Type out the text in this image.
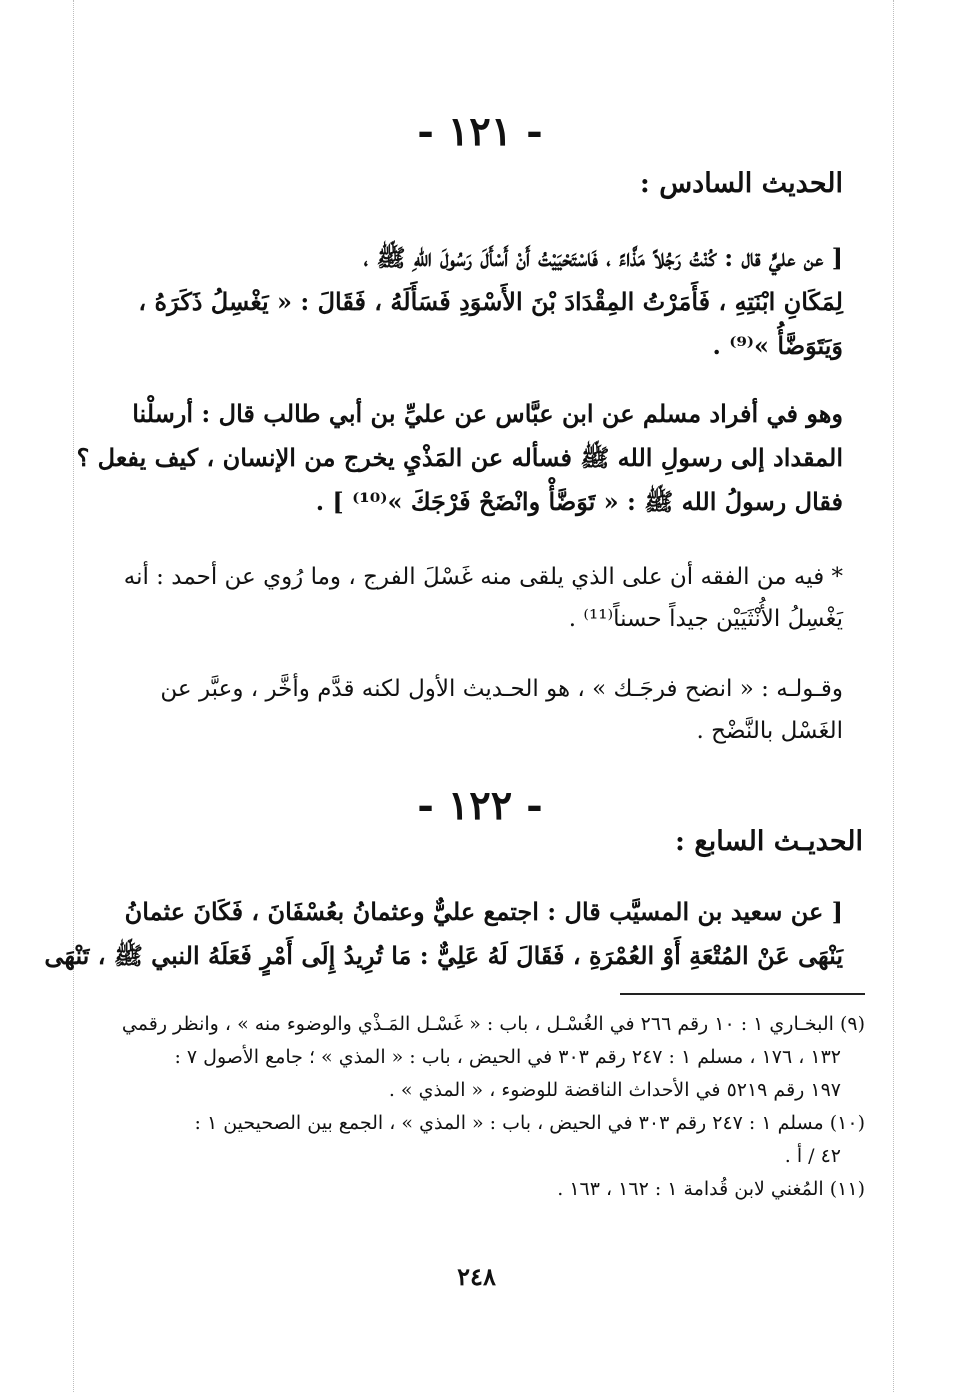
- ١٢١ -
الحديث السادس :
[ عن عليٍّ قال : كُنْتُ رَجُلاً مَذَّاءً ، فَاسْتَحْيَيْتُ أَنْ أَسْأَلَ رَسُولَ اللهِ ﷺ ،
لِمَكَانِ ابْنَتِهِ ، فَأَمَرْتُ المِقْدَادَ بْنَ الأَسْوَدِ فَسَأَلَهُ ، فَقَالَ : « يَغْسِلُ ذَكَرَهُ ،
وَيَتَوَضَّأُ »⁽⁹⁾ .
وهو في أفراد مسلم عن ابن عبَّاس عن عليِّ بن أبي طالب قال : أرسلْنا
المقداد إلى رسولِ الله ﷺ فسأله عن المَذْيِ يخرج من الإنسان ، كيف يفعل ؟
فقال رسولُ الله ﷺ : « تَوَضَّأْ وانْضَحْ فَرْجَكَ »⁽¹⁰⁾ ] .
* فيه من الفقه أن على الذي يلقى منه غَسْلَ الفرج ، وما رُوي عن أحمد : أنه
يَغْسِلُ الأُنْثَيَيْن جيداً حسناً⁽¹¹⁾ .
وقـولـه : « انضح فرجَـك » ، هو الحـديث الأول لكنه قدَّم وأخَّر ، وعبَّر عن
الغَسْل بالنَّضْح .
- ١٢٢ -
الحديـث السابع :
[ عن سعيد بن المسيَّب قال : اجتمع عليٌّ وعثمانُ بعُسْفَانَ ، فَكَانَ عثمانُ
يَنْهَى عَنْ المُتْعَةِ أَوْ العُمْرَةِ ، فَقَالَ لَهُ عَلِيٌّ : مَا تُرِيدُ إِلَى أَمْرٍ فَعَلَهُ النبي ﷺ ، تَنْهَى
(٩) البخـاري ١ : ١٠ رقم ٢٦٦ في الغُسْـل ، باب : « غَسْـل المَـذْي والوضوء منه » ، وانظر رقمي
١٣٢ ، ١٧٦ ، مسلم ١ : ٢٤٧ رقم ٣٠٣ في الحيض ، باب : « المذي » ؛ جامع الأصول ٧ :
١٩٧ رقم ٥٢١٩ في الأحداث الناقضة للوضوء ، « المذي » .
(١٠) مسلم ١ : ٢٤٧ رقم ٣٠٣ في الحيض ، باب : « المذي » ، الجمع بين الصحيحين ١ :
٤٢ / أ .
(١١) المُغني لابن قُدامة ١ : ١٦٢ ، ١٦٣ .
٢٤٨
